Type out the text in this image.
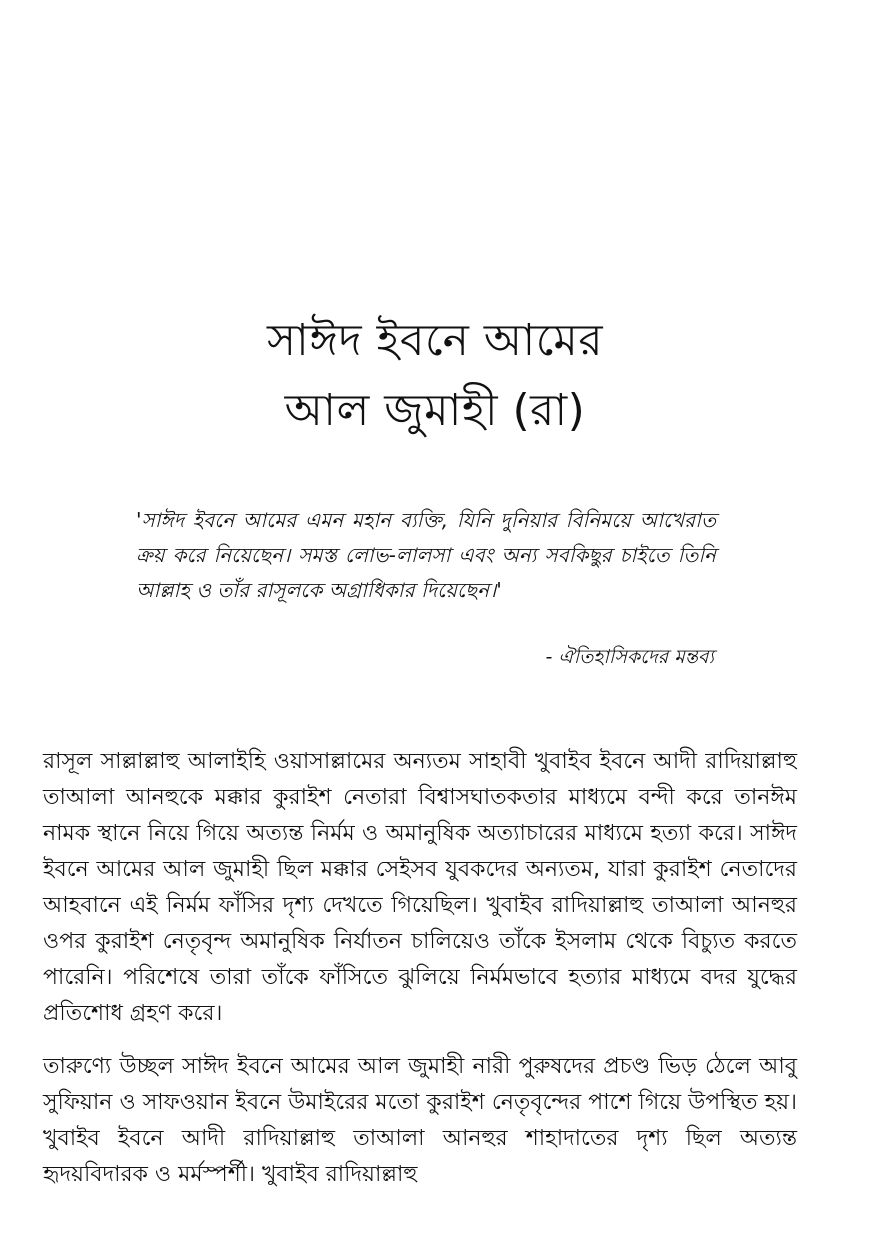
সাঈদ ইবনে আমের
আল জুমাহী (রা)

'সাঈদ ইবনে আমের এমন মহান ব্যক্তি, যিনি দুনিয়ার বিনিময়ে আখেরাত ক্রয় করে নিয়েছেন। সমস্ত লোভ-লালসা এবং অন্য সবকিছুর চাইতে তিনি আল্লাহ ও তাঁর রাসূলকে অগ্রাধিকার দিয়েছেন।'

- ঐতিহাসিকদের মন্তব্য

রাসূল সাল্লাল্লাহু আলাইহি ওয়াসাল্লামের অন্যতম সাহাবী খুবাইব ইবনে আদী রাদিয়াল্লাহু তাআলা আনহুকে মক্কার কুরাইশ নেতারা বিশ্বাসঘাতকতার মাধ্যমে বন্দী করে তানঈম নামক স্থানে নিয়ে গিয়ে অত্যন্ত নির্মম ও অমানুষিক অত্যাচারের মাধ্যমে হত্যা করে। সাঈদ ইবনে আমের আল জুমাহী ছিল মক্কার সেইসব যুবকদের অন্যতম, যারা কুরাইশ নেতাদের আহবানে এই নির্মম ফাঁসির দৃশ্য দেখতে গিয়েছিল। খুবাইব রাদিয়াল্লাহু তাআলা আনহুর ওপর কুরাইশ নেতৃবৃন্দ অমানুষিক নির্যাতন চালিয়েও তাঁকে ইসলাম থেকে বিচ্যুত করতে পারেনি। পরিশেষে তারা তাঁকে ফাঁসিতে ঝুলিয়ে নির্মমভাবে হত্যার মাধ্যমে বদর যুদ্ধের প্রতিশোধ গ্রহণ করে।

তারুণ্যে উচ্ছল সাঈদ ইবনে আমের আল জুমাহী নারী পুরুষদের প্রচণ্ড ভিড় ঠেলে আবু সুফিয়ান ও সাফওয়ান ইবনে উমাইরের মতো কুরাইশ নেতৃবৃন্দের পাশে গিয়ে উপস্থিত হয়। খুবাইব ইবনে আদী রাদিয়াল্লাহু তাআলা আনহুর শাহাদাতের দৃশ্য ছিল অত্যন্ত হৃদয়বিদারক ও মর্মস্পর্শী। খুবাইব রাদিয়াল্লাহু
